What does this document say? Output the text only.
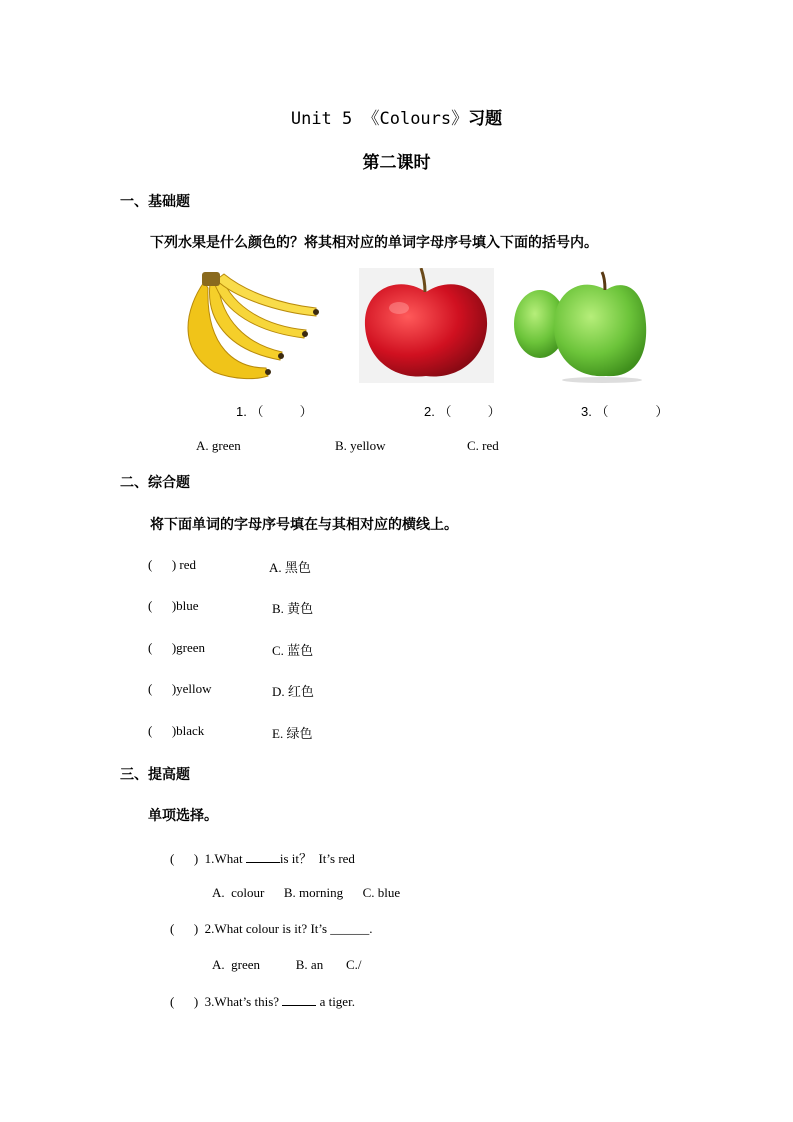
Unit 5 《Colours》习题
第二课时
一、基础题
下列水果是什么颜色的？将其相对应的单词字母序号填入下面的括号内。
1. （          ）	2. （          ）	3. （             ）
A. green	B. yellow	C. red
二、综合题
将下面单词的字母序号填在与其相对应的横线上。
(      ) red	A. 黑色
(      )blue	B. 黄色
(      )green	C. 蓝色
(      )yellow	D. 红色
(      )black	E. 绿色
三、提高题
单项选择。
(      ) 1.What	is it？  It’s red
A.  colour      B. morning      C. blue
(      ) 2.What colour is it? It’s ______.
A.  green           B. an       C./
(      ) 3.What’s this?	a tiger.
